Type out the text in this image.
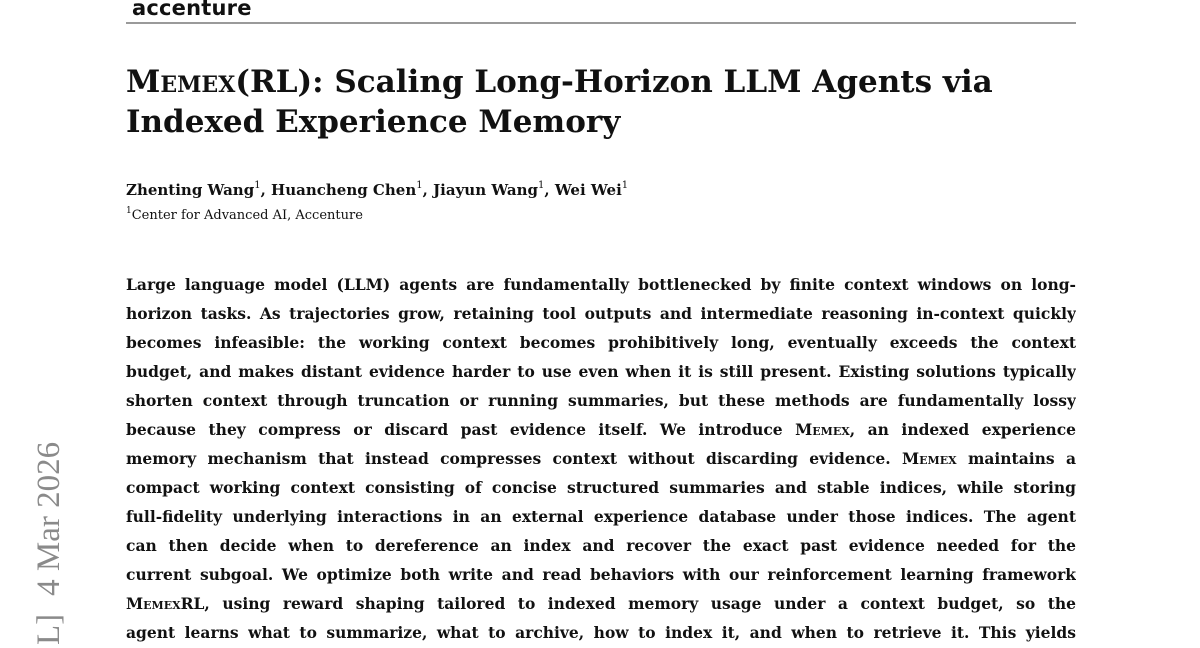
accenture
Memex(RL): Scaling Long-Horizon LLM Agents via
Indexed Experience Memory
Zhenting Wang$^1$, Huancheng Chen$^1$, Jiayun Wang$^1$, Wei Wei$^1$
$^1$Center for Advanced AI, Accenture
Large language model (LLM) agents are fundamentally bottlenecked by finite context windows on long-
horizon tasks. As trajectories grow, retaining tool outputs and intermediate reasoning in-context quickly
becomes infeasible: the working context becomes prohibitively long, eventually exceeds the context
budget, and makes distant evidence harder to use even when it is still present. Existing solutions typically
shorten context through truncation or running summaries, but these methods are fundamentally lossy
because they compress or discard past evidence itself. We introduce Memex, an indexed experience
memory mechanism that instead compresses context without discarding evidence. Memex maintains a
compact working context consisting of concise structured summaries and stable indices, while storing
full-fidelity underlying interactions in an external experience database under those indices. The agent
can then decide when to dereference an index and recover the exact past evidence needed for the
current subgoal. We optimize both write and read behaviors with our reinforcement learning framework
MemexRL, using reward shaping tailored to indexed memory usage under a context budget, so the
agent learns what to summarize, what to archive, how to index it, and when to retrieve it. This yields
L]4 Mar 2026
